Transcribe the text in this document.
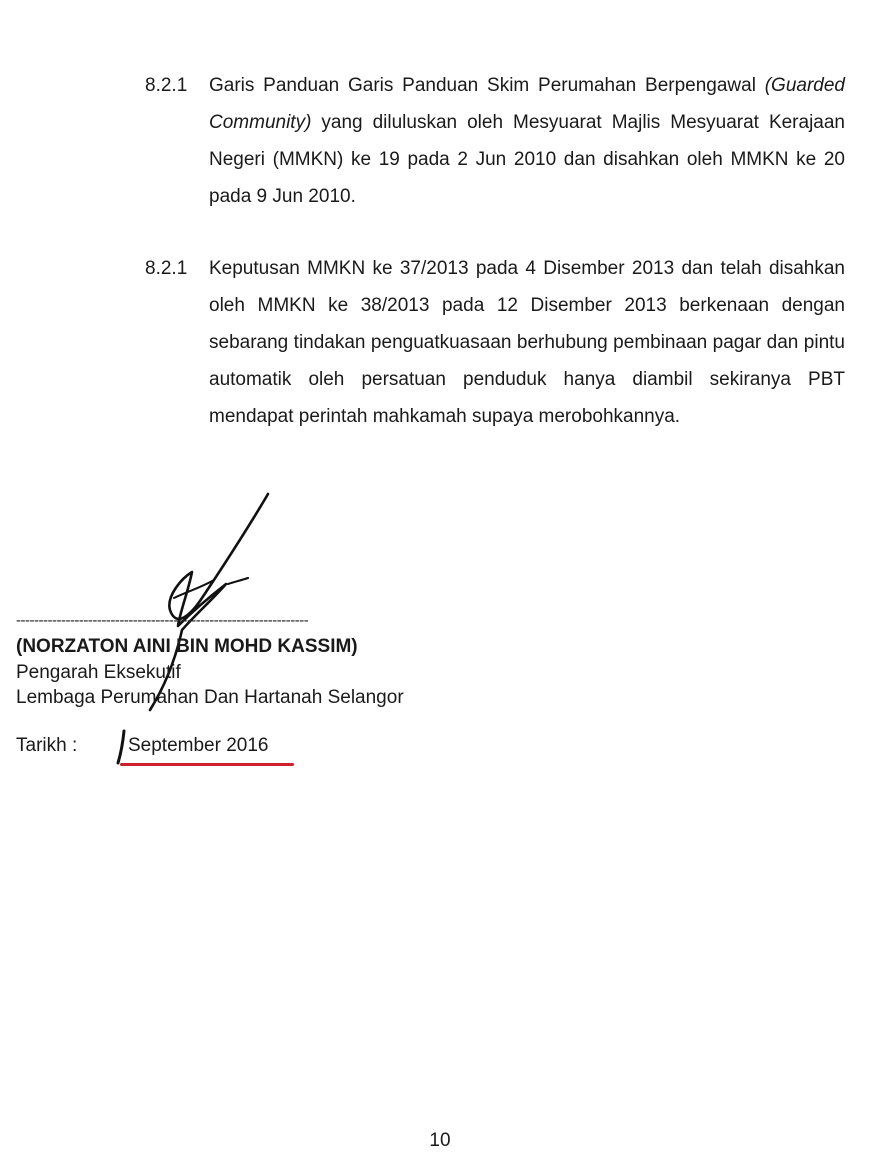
8.2.1	Garis Panduan Garis Panduan Skim Perumahan Berpengawal (Guarded Community) yang diluluskan oleh Mesyuarat Majlis Mesyuarat Kerajaan Negeri (MMKN) ke 19 pada 2 Jun 2010 dan disahkan oleh MMKN ke 20 pada 9 Jun 2010.
8.2.1	Keputusan MMKN ke 37/2013 pada 4 Disember 2013 dan telah disahkan oleh MMKN ke 38/2013 pada 12 Disember 2013 berkenaan dengan sebarang tindakan penguatkuasaan berhubung pembinaan pagar dan pintu automatik oleh persatuan penduduk hanya diambil sekiranya PBT mendapat perintah mahkamah supaya merobohkannya.
-----------------------------------------------------------------
(NORZATON AINI BIN MOHD KASSIM)
Pengarah Eksekutif
Lembaga Perumahan Dan Hartanah Selangor
Tarikh :	September 2016
10
